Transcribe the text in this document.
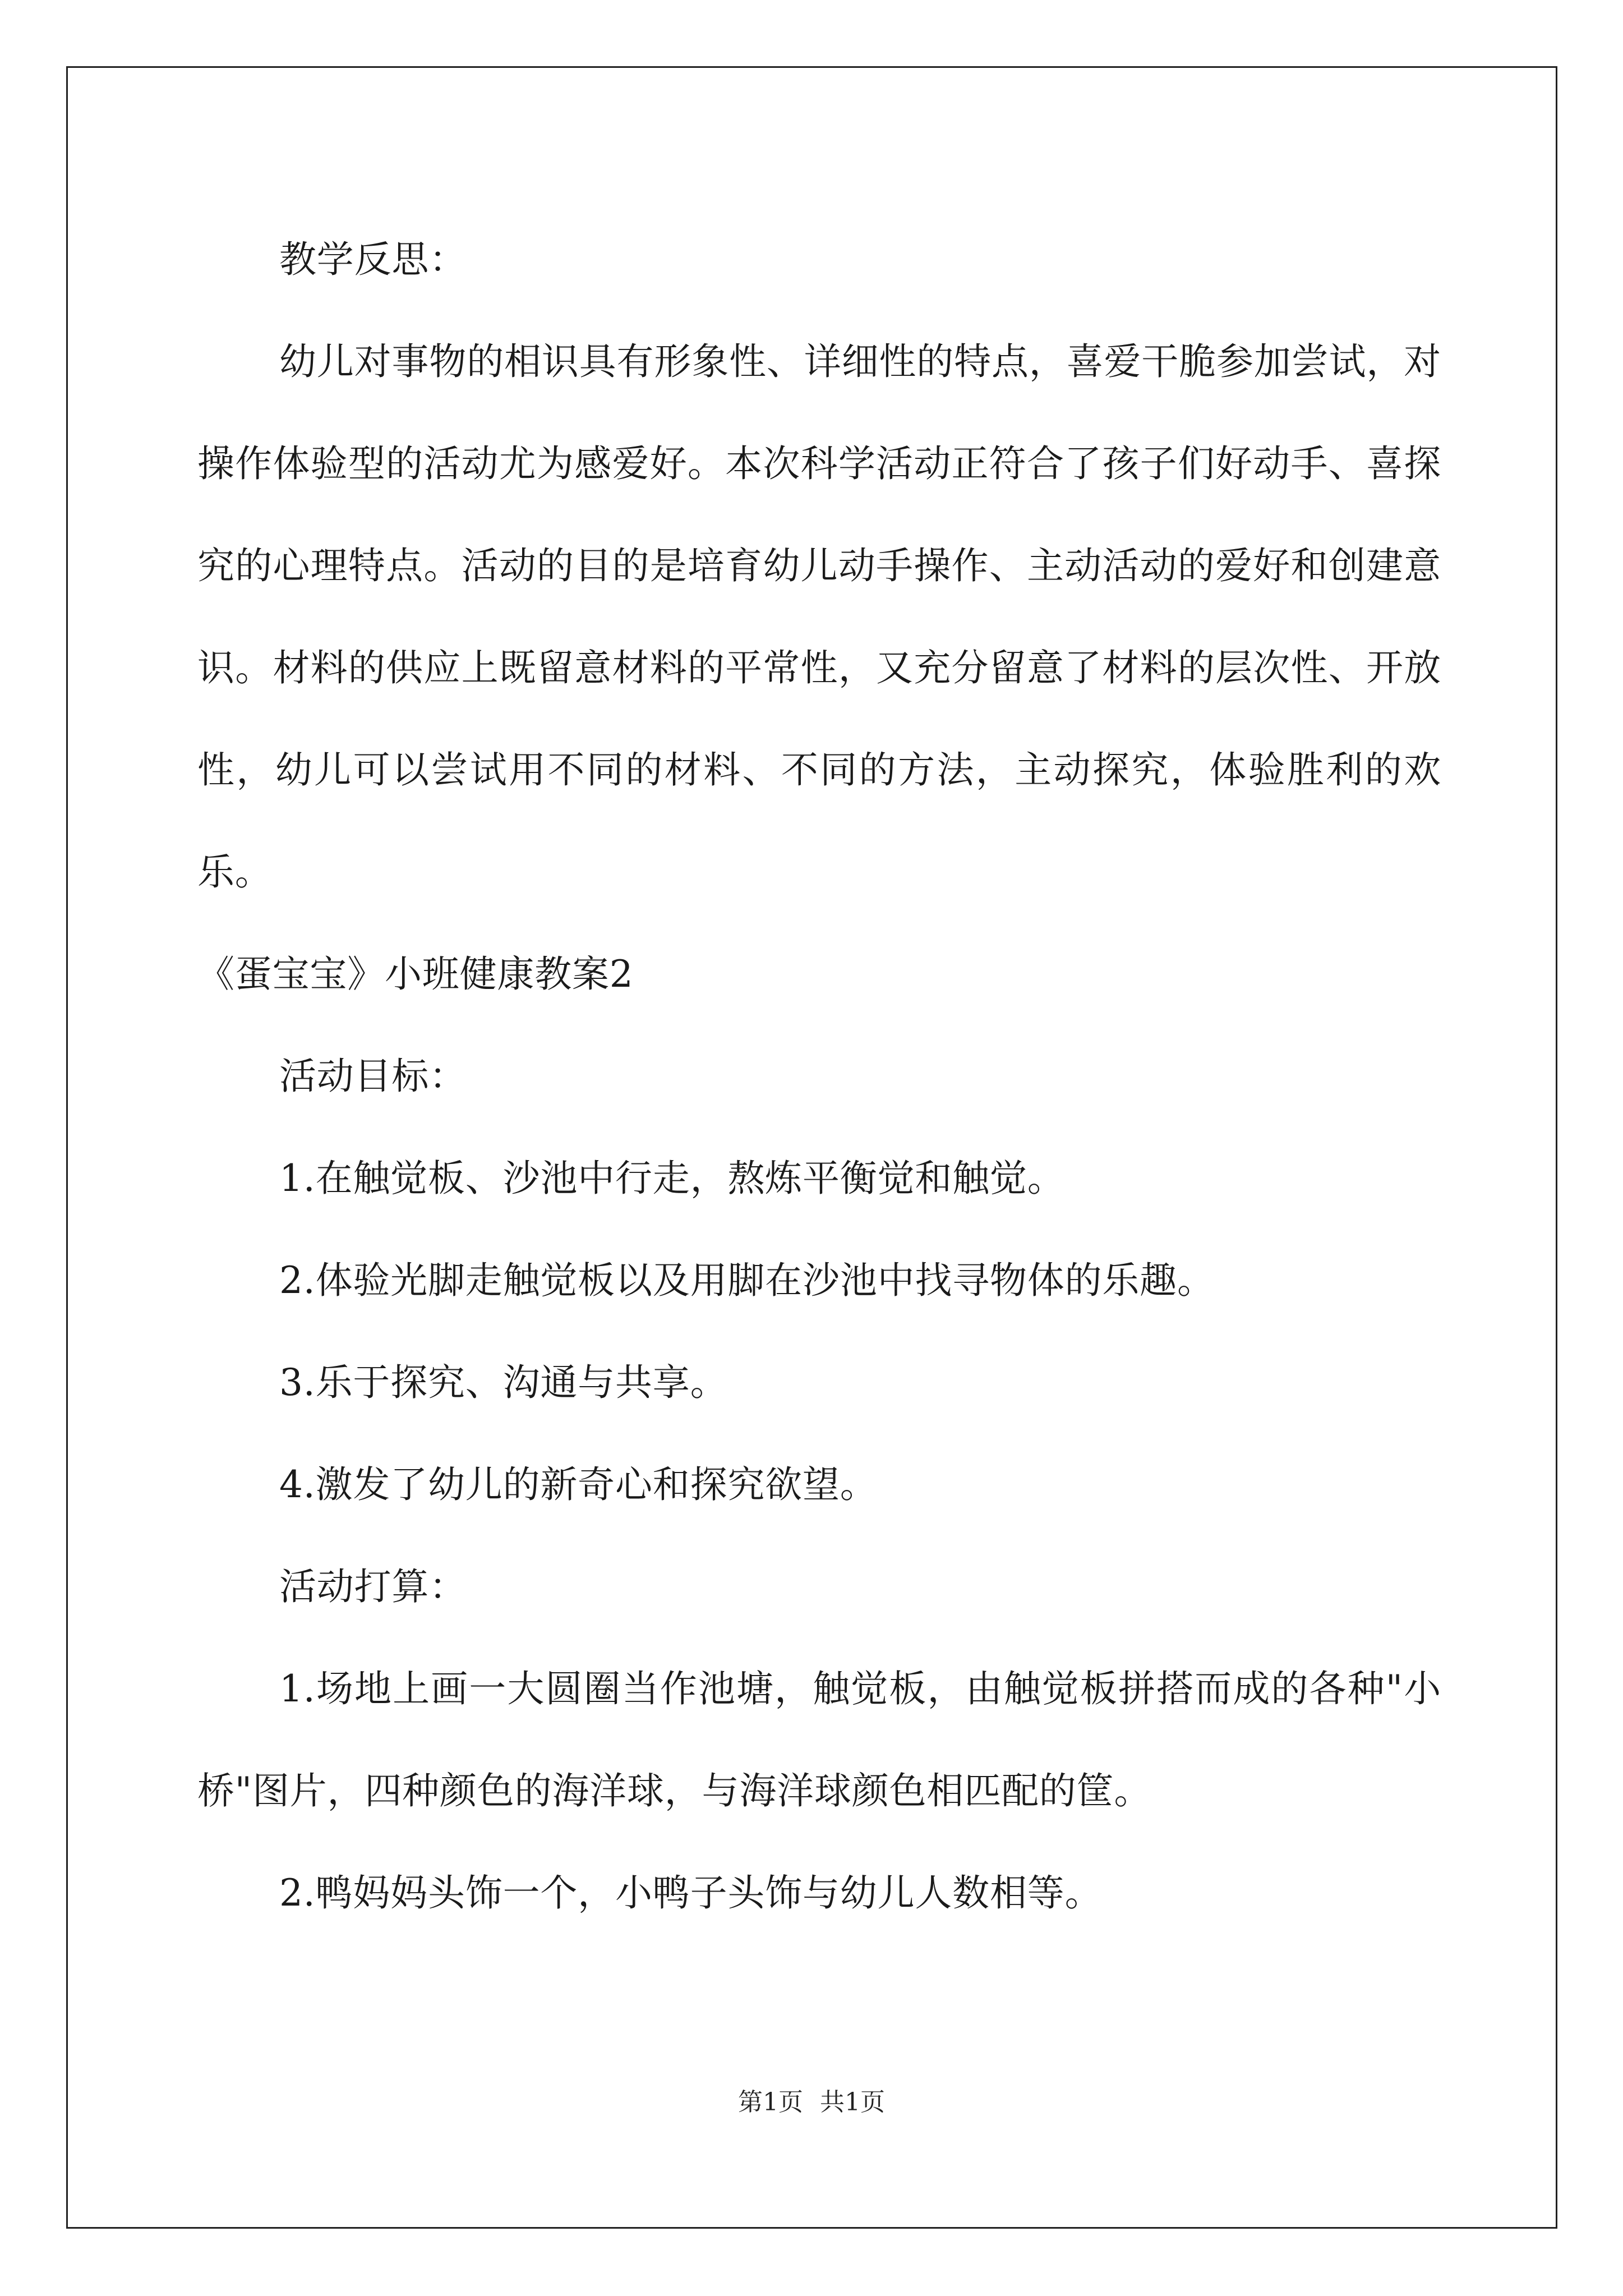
教学反思：

幼儿对事物的相识具有形象性、详细性的特点，喜爱干脆参加尝试，对操作体验型的活动尤为感爱好。本次科学活动正符合了孩子们好动手、喜探究的心理特点。活动的目的是培育幼儿动手操作、主动活动的爱好和创建意识。材料的供应上既留意材料的平常性，又充分留意了材料的层次性、开放性，幼儿可以尝试用不同的材料、不同的方法，主动探究，体验胜利的欢乐。

《蛋宝宝》小班健康教案2

活动目标：

1.在触觉板、沙池中行走，熬炼平衡觉和触觉。

2.体验光脚走触觉板以及用脚在沙池中找寻物体的乐趣。

3.乐于探究、沟通与共享。

4.激发了幼儿的新奇心和探究欲望。

活动打算：

1.场地上画一大圆圈当作池塘，触觉板，由触觉板拼搭而成的各种"小桥"图片，四种颜色的海洋球，与海洋球颜色相匹配的筐。

2.鸭妈妈头饰一个，小鸭子头饰与幼儿人数相等。

第1页 共1页
